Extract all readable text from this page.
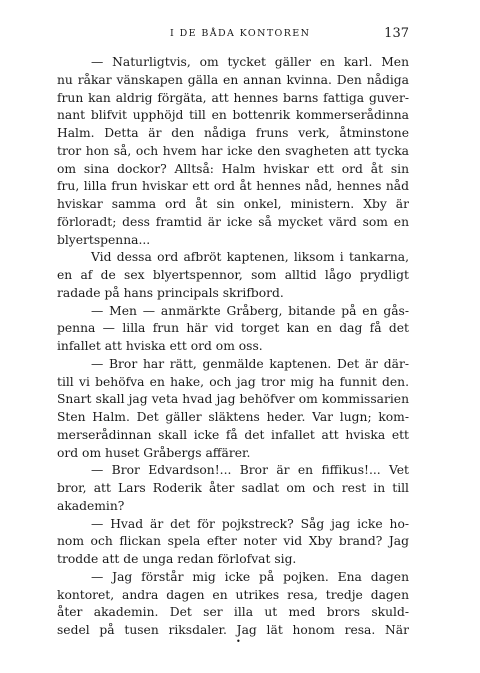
I DE BÅDA KONTOREN	137
— Naturligtvis, om tycket gäller en karl. Men
nu råkar vänskapen gälla en annan kvinna. Den nådiga
frun kan aldrig förgäta, att hennes barns fattiga guver-
nant blifvit upphöjd till en bottenrik kommerserådinna
Halm. Detta är den nådiga fruns verk, åtminstone
tror hon så, och hvem har icke den svagheten att tycka
om sina dockor? Alltså: Halm hviskar ett ord åt sin
fru, lilla frun hviskar ett ord åt hennes nåd, hennes nåd
hviskar samma ord åt sin onkel, ministern. Xby är
förloradt; dess framtid är icke så mycket värd som en
blyertspenna...
Vid dessa ord afbröt kaptenen, liksom i tankarna,
en af de sex blyertspennor, som alltid lågo prydligt
radade på hans principals skrifbord.
— Men — anmärkte Gråberg, bitande på en gås-
penna — lilla frun här vid torget kan en dag få det
infallet att hviska ett ord om oss.
— Bror har rätt, genmälde kaptenen. Det är där-
till vi behöfva en hake, och jag tror mig ha funnit den.
Snart skall jag veta hvad jag behöfver om kommissarien
Sten Halm. Det gäller släktens heder. Var lugn; kom-
merserådinnan skall icke få det infallet att hviska ett
ord om huset Gråbergs affärer.
— Bror Edvardson!... Bror är en fiffikus!... Vet
bror, att Lars Roderik åter sadlat om och rest in till
akademin?
— Hvad är det för pojkstreck? Såg jag icke ho-
nom och flickan spela efter noter vid Xby brand? Jag
trodde att de unga redan förlofvat sig.
— Jag förstår mig icke på pojken. Ena dagen
kontoret, andra dagen en utrikes resa, tredje dagen
åter akademin. Det ser illa ut med brors skuld-
sedel på tusen riksdaler. Jag lät honom resa. När
•
